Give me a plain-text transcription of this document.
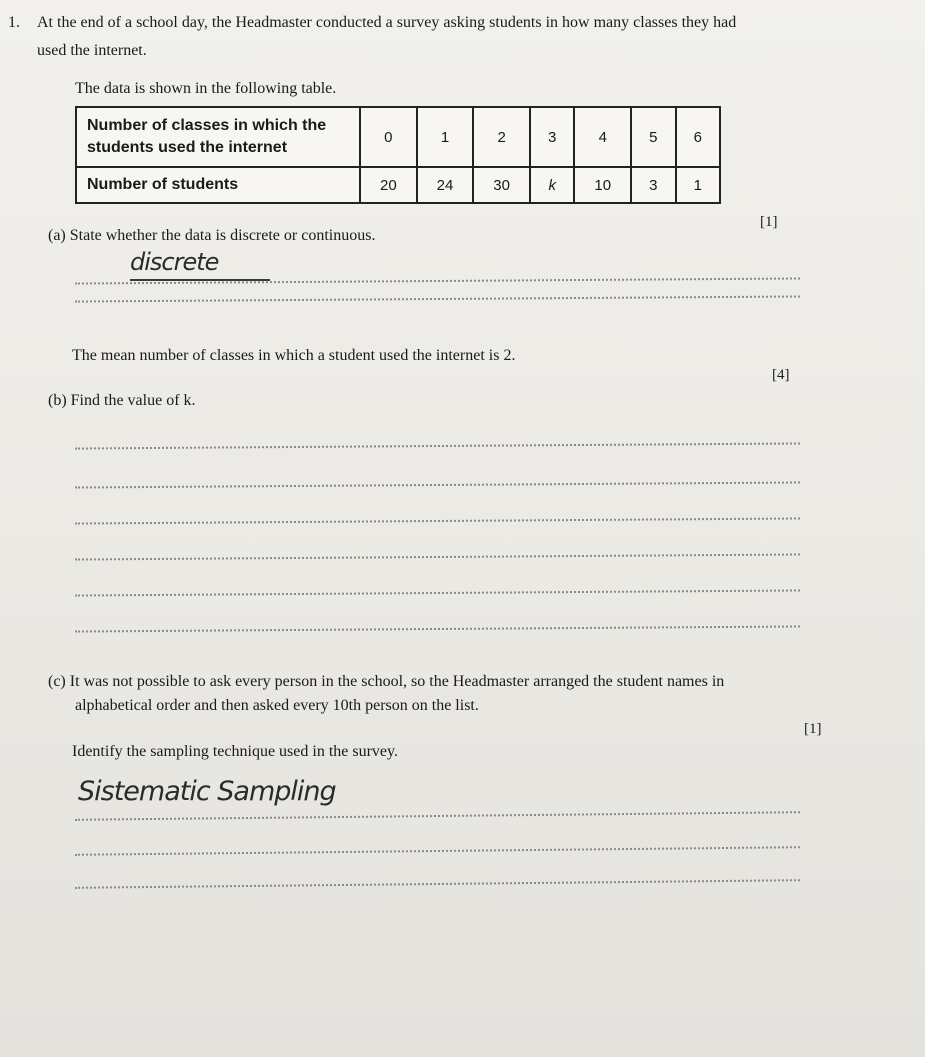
1. At the end of a school day, the Headmaster conducted a survey asking students in how many classes they had
used the internet.
The data is shown in the following table.
Number of classes in which the students used the internet	0	1	2	3	4	5	6
Number of students	20	24	30	k	10	3	1
[1]
(a) State whether the data is discrete or continuous.
discrete
The mean number of classes in which a student used the internet is 2.
[4]
(b) Find the value of k.
(c) It was not possible to ask every person in the school, so the Headmaster arranged the student names in
alphabetical order and then asked every 10th person on the list.
[1]
Identify the sampling technique used in the survey.
Sistematic Sampling
